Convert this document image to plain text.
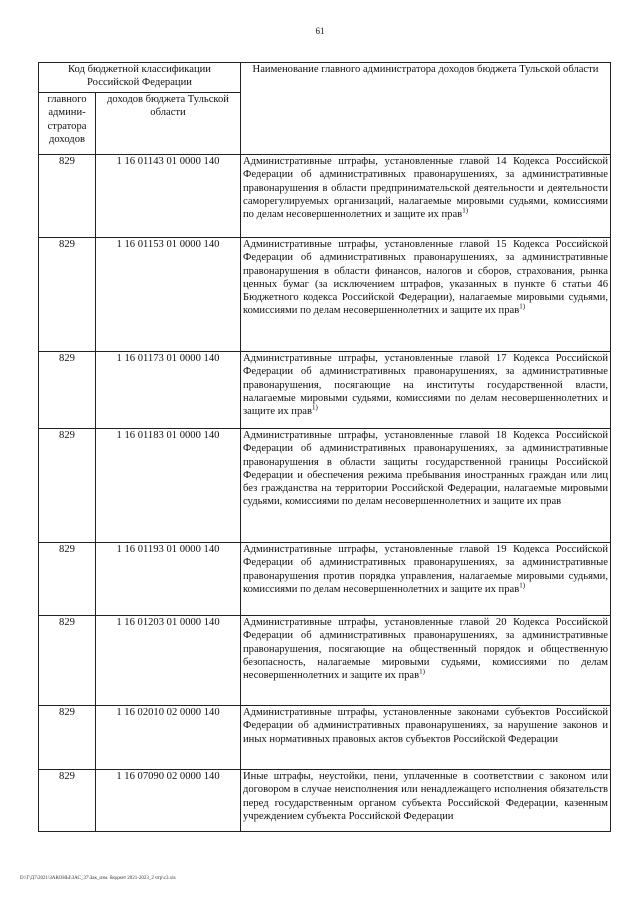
61
Код бюджетной классификации Российской Федерации		Наименование главного администратора доходов бюджета Тульской области
главного админи-стратора доходов	доходов бюджета Тульской области	
829	1 16 01143 01 0000 140	Административные штрафы, установленные главой 14 Кодекса Российской Федерации об административных правонарушениях, за административные правонарушения в области предпринимательской деятельности и деятельности саморегулируемых организаций, налагаемые мировыми судьями, комиссиями по делам несовершеннолетних и защите их прав$^{1)}$
829	1 16 01153 01 0000 140	Административные штрафы, установленные главой 15 Кодекса Российской Федерации об административных правонарушениях, за административные правонарушения в области финансов, налогов и сборов, страхования, рынка ценных бумаг (за исключением штрафов, указанных в пункте 6 статьи 46 Бюджетного кодекса Российской Федерации), налагаемые мировыми судьями, комиссиями по делам несовершеннолетних и защите их прав$^{1)}$
829	1 16 01173 01 0000 140	Административные штрафы, установленные главой 17 Кодекса Российской Федерации об административных правонарушениях, за административные правонарушения, посягающие на институты государственной власти, налагаемые мировыми судьями, комиссиями по делам несовершеннолетних и защите их прав$^{1)}$
829	1 16 01183 01 0000 140	Административные штрафы, установленные главой 18 Кодекса Российской Федерации об административных правонарушениях, за административные правонарушения в области защиты государственной границы Российской Федерации и обеспечения режима пребывания иностранных граждан или лиц без гражданства на территории Российской Федерации, налагаемые мировыми судьями, комиссиями по делам несовершеннолетних и защите их прав
829	1 16 01193 01 0000 140	Административные штрафы, установленные главой 19 Кодекса Российской Федерации об административных правонарушениях, за административные правонарушения против порядка управления, налагаемые мировыми судьями, комиссиями по делам несовершеннолетних и защите их прав$^{1)}$
829	1 16 01203 01 0000 140	Административные штрафы, установленные главой 20 Кодекса Российской Федерации об административных правонарушениях, за административные правонарушения, посягающие на общественный порядок и общественную безопасность, налагаемые мировыми судьями, комиссиями по делам несовершеннолетних и защите их прав$^{1)}$
829	1 16 02010 02 0000 140	Административные штрафы, установленные законами субъектов Российской Федерации об административных правонарушениях, за нарушение законов и иных нормативных правовых актов субъектов Российской Федерации
829	1 16 07090 02 0000 140	Иные штрафы, неустойки, пени, уплаченные в соответствии с законом или договором в случае неисполнения или ненадлежащего исполнения обязательств перед государственным органом субъекта Российской Федерации, казенным учреждением субъекта Российской Федерации
D:\Г\Д7\2021\ЗАКОНЫ\ЗАС_37\Зак_изм. бюджет 2021-2023_2 чтр\с3.xls
